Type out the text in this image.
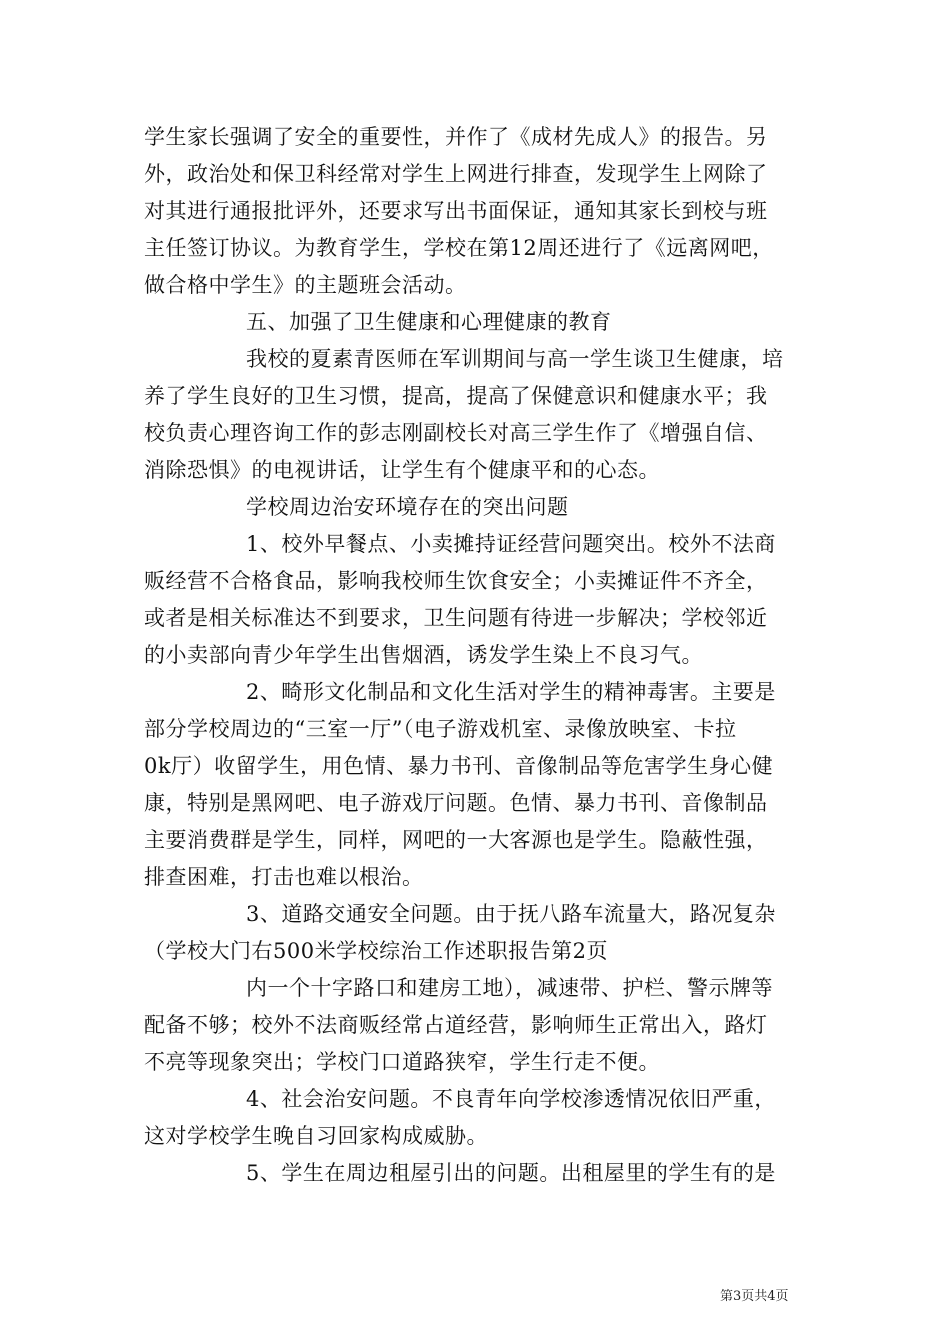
学生家长强调了安全的重要性，并作了《成材先成人》的报告。另
外，政治处和保卫科经常对学生上网进行排查，发现学生上网除了
对其进行通报批评外，还要求写出书面保证，通知其家长到校与班
主任签订协议。为教育学生，学校在第12周还进行了《远离网吧，
做合格中学生》的主题班会活动。
五、加强了卫生健康和心理健康的教育
我校的夏素青医师在军训期间与高一学生谈卫生健康，培
养了学生良好的卫生习惯，提高，提高了保健意识和健康水平；我
校负责心理咨询工作的彭志刚副校长对高三学生作了《增强自信、
消除恐惧》的电视讲话，让学生有个健康平和的心态。
学校周边治安环境存在的突出问题
1、校外早餐点、小卖摊持证经营问题突出。校外不法商
贩经营不合格食品，影响我校师生饮食安全；小卖摊证件不齐全，
或者是相关标准达不到要求，卫生问题有待进一步解决；学校邻近
的小卖部向青少年学生出售烟酒，诱发学生染上不良习气。
2、畸形文化制品和文化生活对学生的精神毒害。主要是
部分学校周边的“三室一厅”（电子游戏机室、录像放映室、卡拉
0k厅）收留学生，用色情、暴力书刊、音像制品等危害学生身心健
康，特别是黑网吧、电子游戏厅问题。色情、暴力书刊、音像制品
主要消费群是学生，同样，网吧的一大客源也是学生。隐蔽性强，
排查困难，打击也难以根治。
3、道路交通安全问题。由于抚八路车流量大，路况复杂
（学校大门右500米学校综治工作述职报告第2页
内一个十字路口和建房工地），减速带、护栏、警示牌等
配备不够；校外不法商贩经常占道经营，影响师生正常出入，路灯
不亮等现象突出；学校门口道路狭窄，学生行走不便。
4、社会治安问题。不良青年向学校渗透情况依旧严重，
这对学校学生晚自习回家构成威胁。
5、学生在周边租屋引出的问题。出租屋里的学生有的是
第3页共4页
